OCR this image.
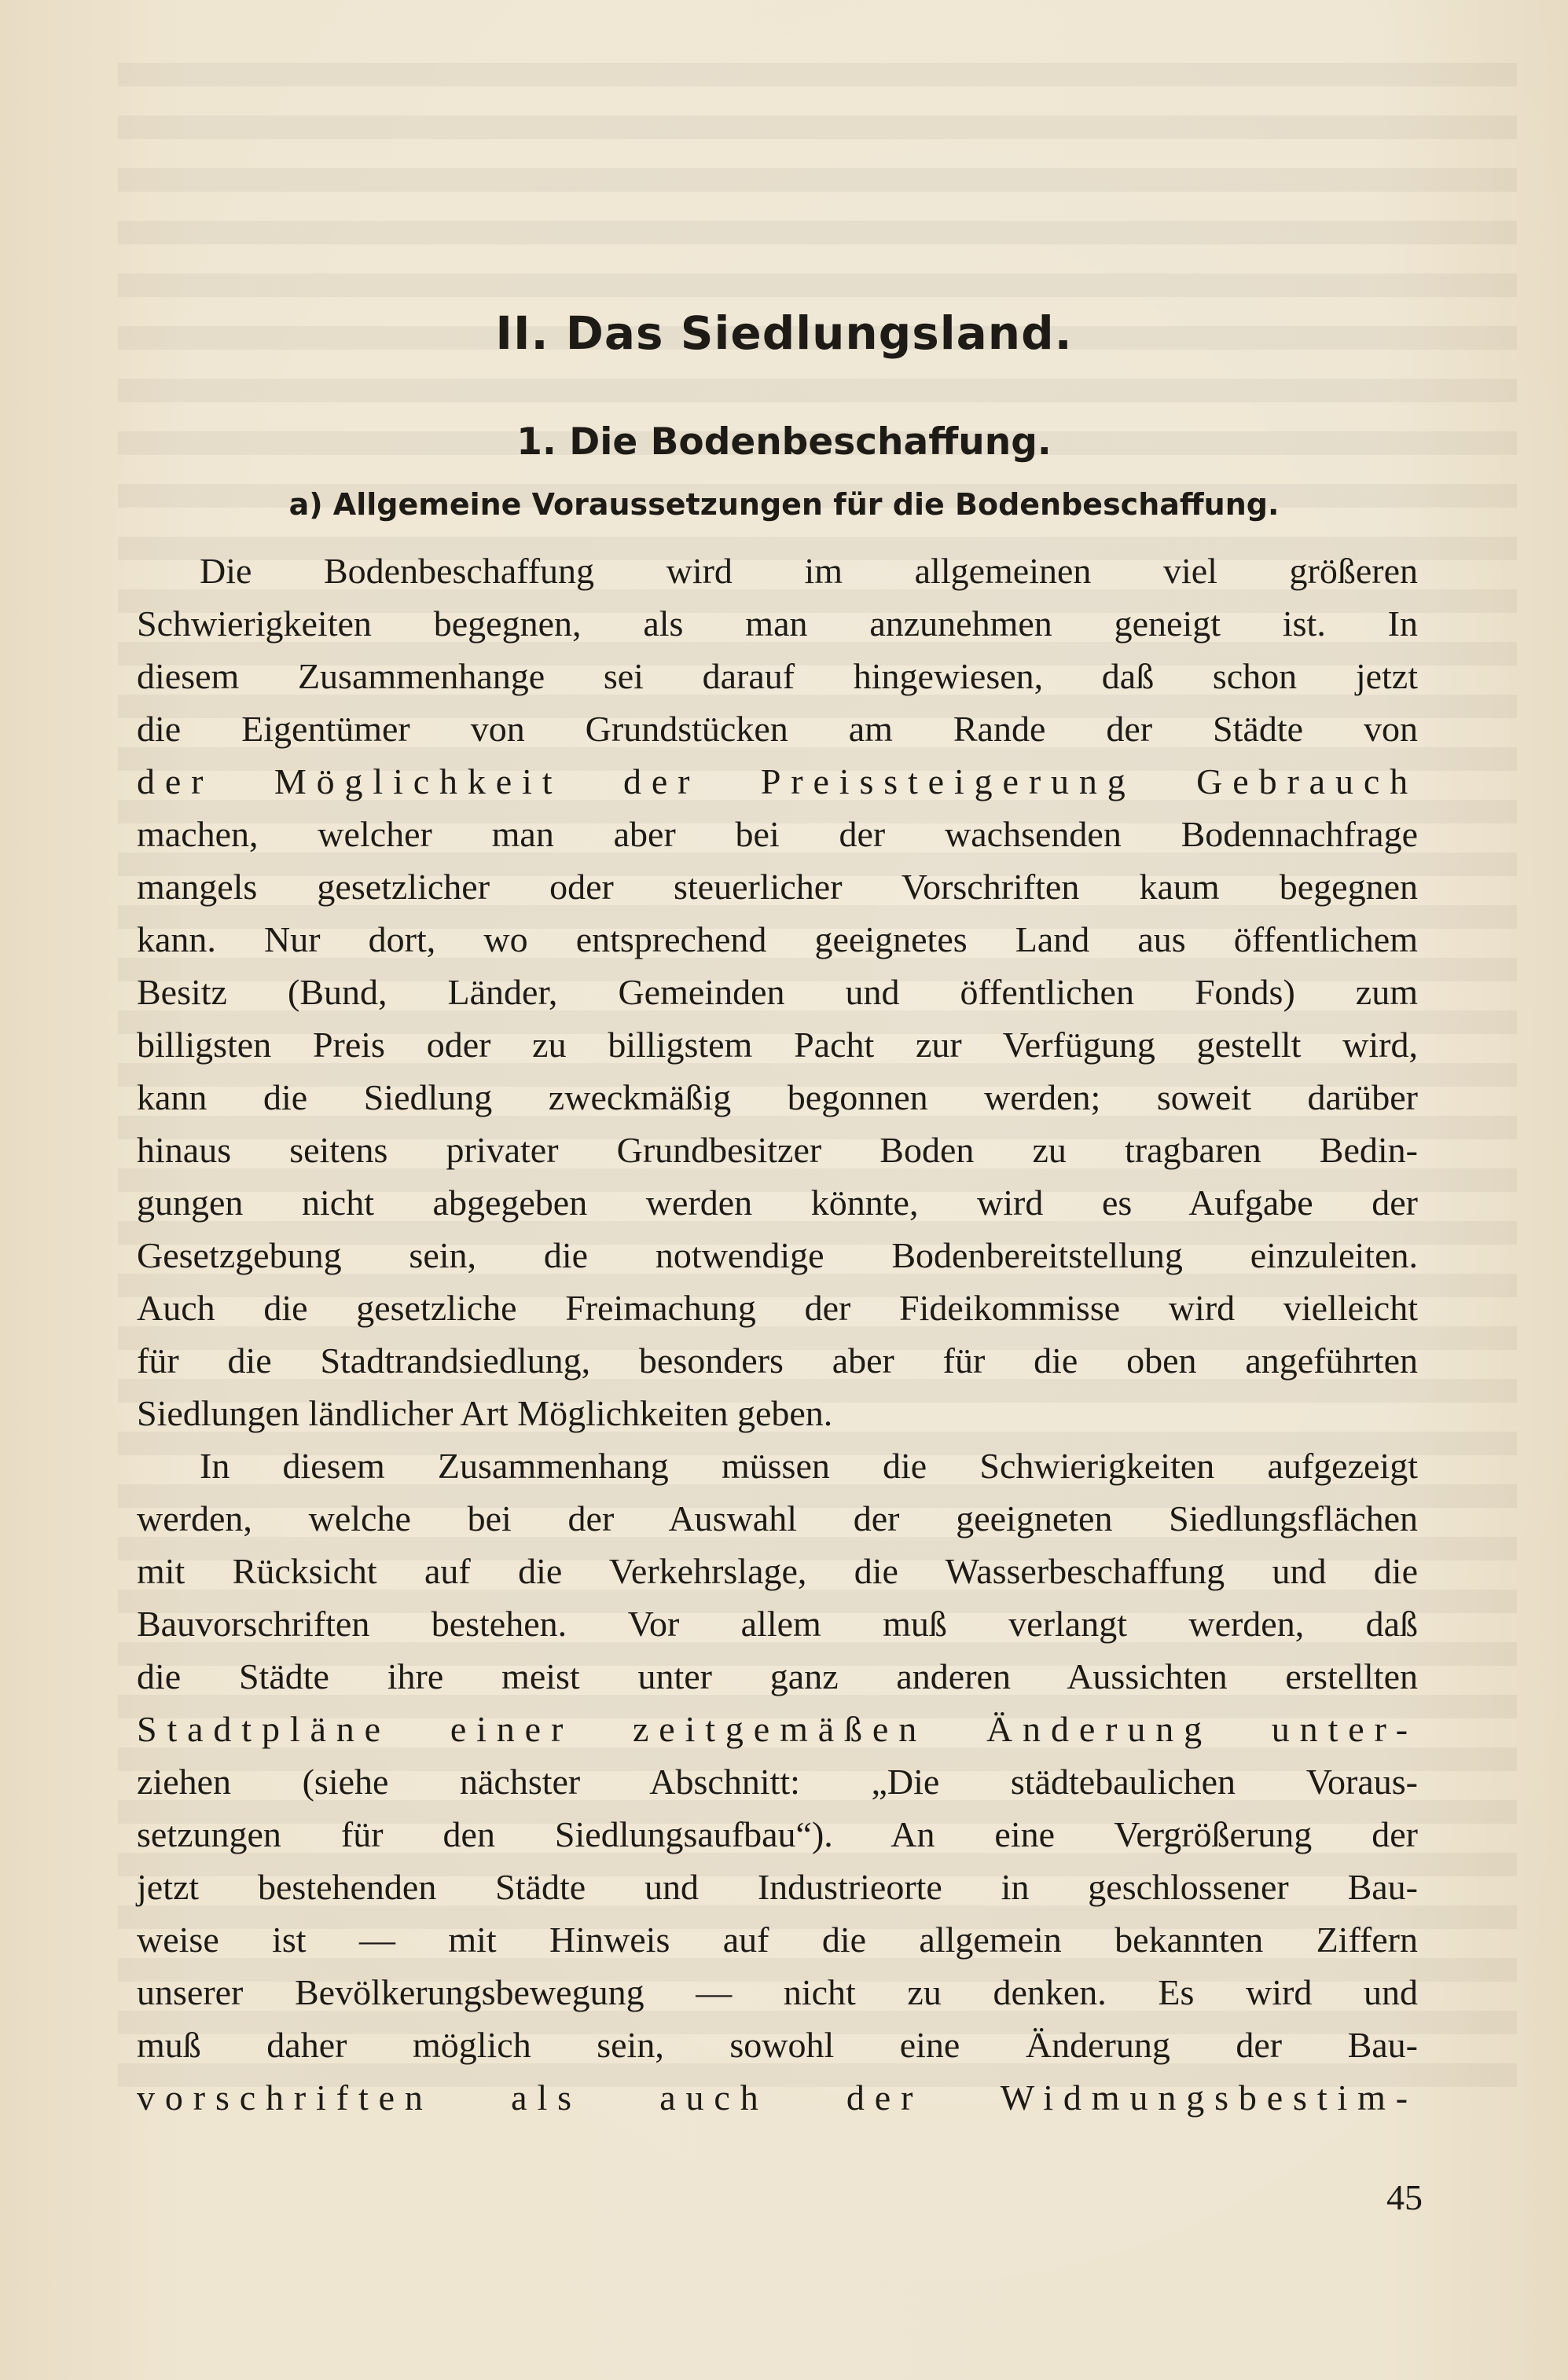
II. Das Siedlungsland.
1. Die Bodenbeschaffung.
a) Allgemeine Voraussetzungen für die Bodenbeschaffung.
Die Bodenbeschaffung wird im allgemeinen viel größeren
Schwierigkeiten begegnen, als man anzunehmen geneigt ist. In
diesem Zusammenhange sei darauf hingewiesen, daß schon jetzt
die Eigentümer von Grundstücken am Rande der Städte von
der Möglichkeit der Preissteigerung Gebrauch
machen, welcher man aber bei der wachsenden Bodennachfrage
mangels gesetzlicher oder steuerlicher Vorschriften kaum begegnen
kann. Nur dort, wo entsprechend geeignetes Land aus öffentlichem
Besitz (Bund, Länder, Gemeinden und öffentlichen Fonds) zum
billigsten Preis oder zu billigstem Pacht zur Verfügung gestellt wird,
kann die Siedlung zweckmäßig begonnen werden; soweit darüber
hinaus seitens privater Grundbesitzer Boden zu tragbaren Bedin-
gungen nicht abgegeben werden könnte, wird es Aufgabe der
Gesetzgebung sein, die notwendige Bodenbereitstellung einzuleiten.
Auch die gesetzliche Freimachung der Fideikommisse wird vielleicht
für die Stadtrandsiedlung, besonders aber für die oben angeführten
Siedlungen ländlicher Art Möglichkeiten geben.
In diesem Zusammenhang müssen die Schwierigkeiten aufgezeigt
werden, welche bei der Auswahl der geeigneten Siedlungsflächen
mit Rücksicht auf die Verkehrslage, die Wasserbeschaffung und die
Bauvorschriften bestehen. Vor allem muß verlangt werden, daß
die Städte ihre meist unter ganz anderen Aussichten erstellten
Stadtpläne einer zeitgemäßen Änderung unter-
ziehen (siehe nächster Abschnitt: „Die städtebaulichen Voraus-
setzungen für den Siedlungsaufbau“). An eine Vergrößerung der
jetzt bestehenden Städte und Industrieorte in geschlossener Bau-
weise ist — mit Hinweis auf die allgemein bekannten Ziffern
unserer Bevölkerungsbewegung — nicht zu denken. Es wird und
muß daher möglich sein, sowohl eine Änderung der Bau-
vorschriften als auch der Widmungsbestim-
45
